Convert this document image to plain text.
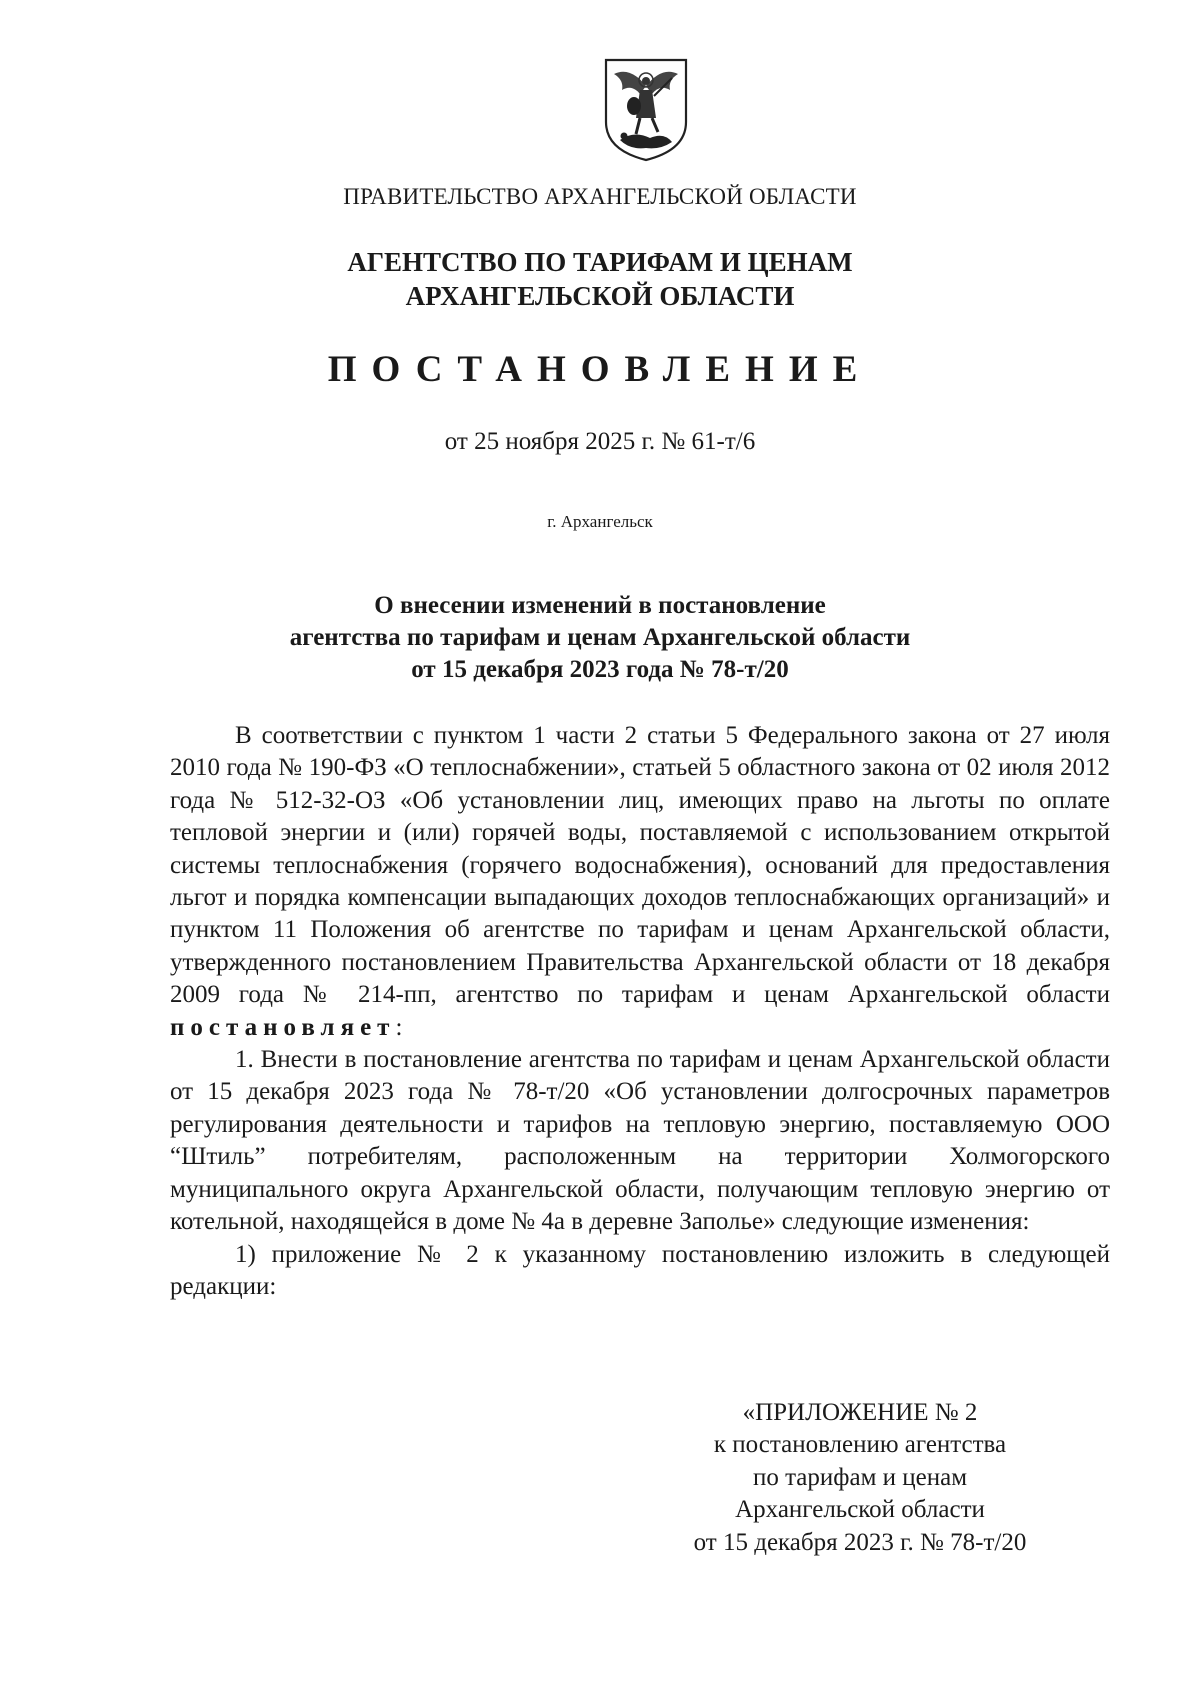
ПРАВИТЕЛЬСТВО АРХАНГЕЛЬСКОЙ ОБЛАСТИ
АГЕНТСТВО ПО ТАРИФАМ И ЦЕНАМ
АРХАНГЕЛЬСКОЙ ОБЛАСТИ
ПОСТАНОВЛЕНИЕ
от 25 ноября 2025 г. № 61-т/6
г. Архангельск
О внесении изменений в постановление
агентства по тарифам и ценам Архангельской области
от 15 декабря 2023 года № 78-т/20

В соответствии с пунктом 1 части 2 статьи 5 Федерального закона от 27 июля 2010 года № 190-ФЗ «О теплоснабжении», статьей 5 областного закона от 02 июля 2012 года № 512-32-ОЗ «Об установлении лиц, имеющих право на льготы по оплате тепловой энергии и (или) горячей воды, поставляемой с использованием открытой системы теплоснабжения (горячего водоснабжения), оснований для предоставления льгот и порядка компенсации выпадающих доходов теплоснабжающих организаций» и пунктом 11 Положения об агентстве по тарифам и ценам Архангельской области, утвержденного постановлением Правительства Архангельской области от 18 декабря 2009 года № 214-пп, агентство по тарифам и ценам Архангельской области постановляет:

1. Внести в постановление агентства по тарифам и ценам Архангельской области от 15 декабря 2023 года № 78-т/20 «Об установлении долгосрочных параметров регулирования деятельности и тарифов на тепловую энергию, поставляемую ООО “Штиль” потребителям, расположенным на территории Холмогорского муниципального округа Архангельской области, получающим тепловую энергию от котельной, находящейся в доме № 4а в деревне Заполье» следующие изменения:

1) приложение № 2 к указанному постановлению изложить в следующей редакции:

«ПРИЛОЖЕНИЕ № 2
к постановлению агентства
по тарифам и ценам
Архангельской области
от 15 декабря 2023 г. № 78-т/20
